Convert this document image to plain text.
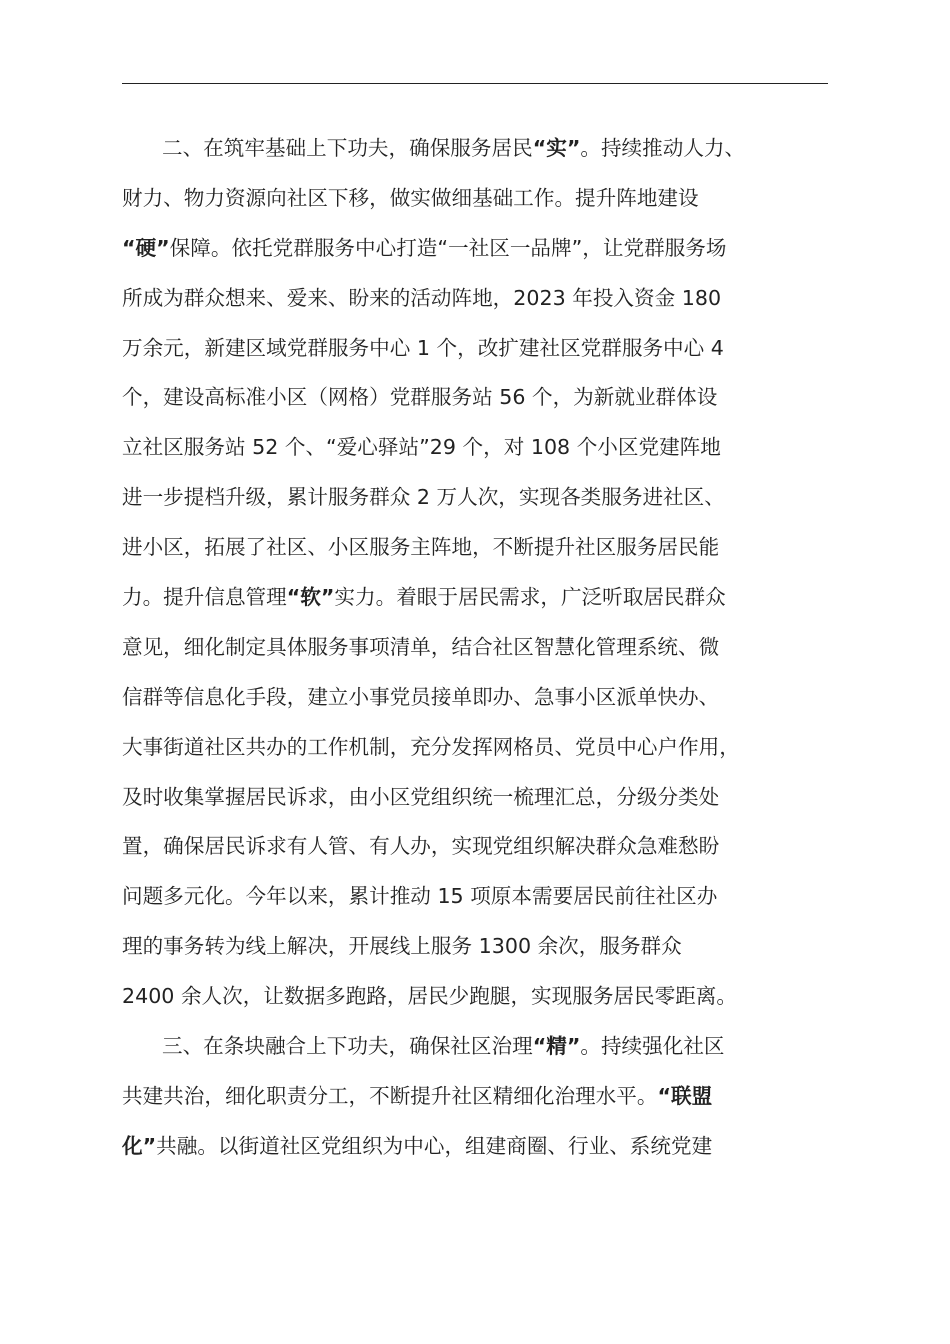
二、在筑牢基础上下功夫，确保服务居民“实”。持续推动人力、
财力、物力资源向社区下移，做实做细基础工作。提升阵地建设
“硬”保障。依托党群服务中心打造“一社区一品牌”，让党群服务场
所成为群众想来、爱来、盼来的活动阵地，2023 年投入资金 180
万余元，新建区域党群服务中心 1 个，改扩建社区党群服务中心 4
个，建设高标准小区（网格）党群服务站 56 个，为新就业群体设
立社区服务站 52 个、“爱心驿站”29 个，对 108 个小区党建阵地
进一步提档升级，累计服务群众 2 万人次，实现各类服务进社区、
进小区，拓展了社区、小区服务主阵地，不断提升社区服务居民能
力。提升信息管理“软”实力。着眼于居民需求，广泛听取居民群众
意见，细化制定具体服务事项清单，结合社区智慧化管理系统、微
信群等信息化手段，建立小事党员接单即办、急事小区派单快办、
大事街道社区共办的工作机制，充分发挥网格员、党员中心户作用，
及时收集掌握居民诉求，由小区党组织统一梳理汇总，分级分类处
置，确保居民诉求有人管、有人办，实现党组织解决群众急难愁盼
问题多元化。今年以来，累计推动 15 项原本需要居民前往社区办
理的事务转为线上解决，开展线上服务 1300 余次，服务群众
2400 余人次，让数据多跑路，居民少跑腿，实现服务居民零距离。
三、在条块融合上下功夫，确保社区治理“精”。持续强化社区
共建共治，细化职责分工，不断提升社区精细化治理水平。“联盟
化”共融。以街道社区党组织为中心，组建商圈、行业、系统党建
